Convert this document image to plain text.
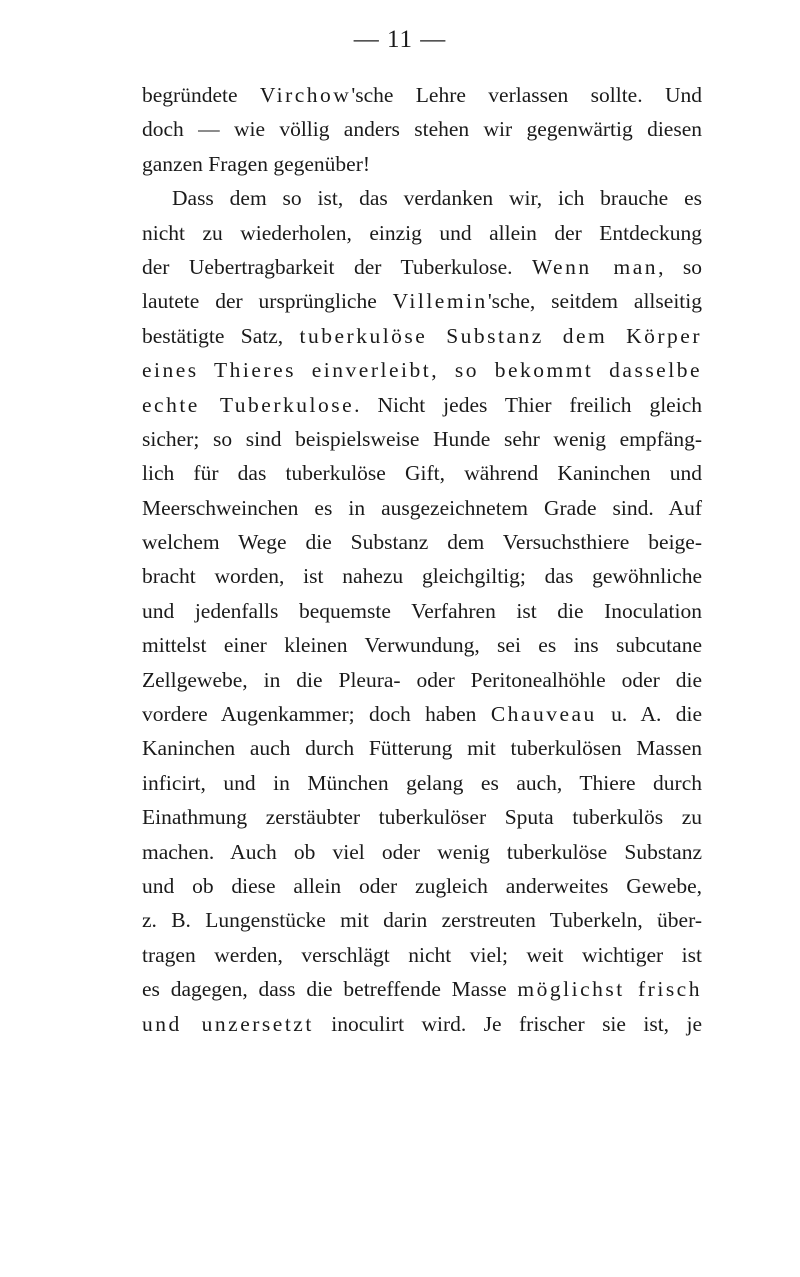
— 11 —
begründete Virchow'sche Lehre verlassen sollte. Und
doch — wie völlig anders stehen wir gegenwärtig diesen
ganzen Fragen gegenüber!
Dass dem so ist, das verdanken wir, ich brauche es
nicht zu wiederholen, einzig und allein der Entdeckung
der Uebertragbarkeit der Tuberkulose. Wenn man, so
lautete der ursprüngliche Villemin'sche, seitdem allseitig
bestätigte Satz, tuberkulöse Substanz dem Körper
eines Thieres einverleibt, so bekommt dasselbe
echte Tuberkulose. Nicht jedes Thier freilich gleich
sicher; so sind beispielsweise Hunde sehr wenig empfäng-
lich für das tuberkulöse Gift, während Kaninchen und
Meerschweinchen es in ausgezeichnetem Grade sind. Auf
welchem Wege die Substanz dem Versuchsthiere beige-
bracht worden, ist nahezu gleichgiltig; das gewöhnliche
und jedenfalls bequemste Verfahren ist die Inoculation
mittelst einer kleinen Verwundung, sei es ins subcutane
Zellgewebe, in die Pleura- oder Peritonealhöhle oder die
vordere Augenkammer; doch haben Chauveau u. A. die
Kaninchen auch durch Fütterung mit tuberkulösen Massen
inficirt, und in München gelang es auch, Thiere durch
Einathmung zerstäubter tuberkulöser Sputa tuberkulös zu
machen. Auch ob viel oder wenig tuberkulöse Substanz
und ob diese allein oder zugleich anderweites Gewebe,
z. B. Lungenstücke mit darin zerstreuten Tuberkeln, über-
tragen werden, verschlägt nicht viel; weit wichtiger ist
es dagegen, dass die betreffende Masse möglichst frisch
und unzersetzt inoculirt wird. Je frischer sie ist, je
